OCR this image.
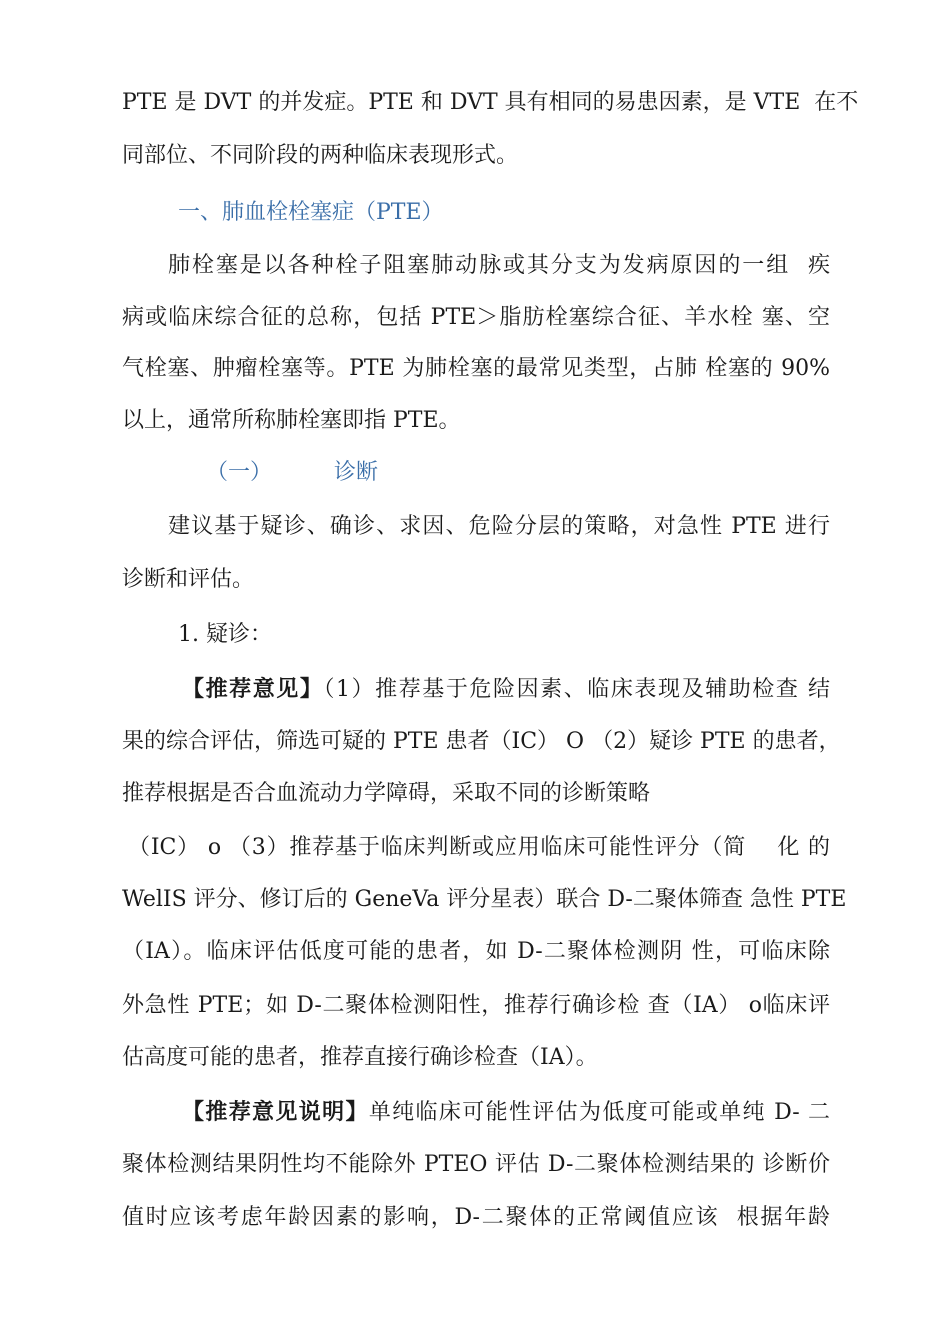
PTE 是 DVT 的并发症。PTE 和 DVT 具有相同的易患因素，是 VTE  在不
同部位、不同阶段的两种临床表现形式。
一、肺血栓栓塞症（PTE）
肺栓塞是以各种栓子阻塞肺动脉或其分支为发病原因的一组  疾
病或临床综合征的总称，包括 PTE＞脂肪栓塞综合征、羊水栓 塞、空
气栓塞、肿瘤栓塞等。PTE 为肺栓塞的最常见类型，占肺 栓塞的 90%
以上，通常所称肺栓塞即指 PTE。
（一）	诊断
建议基于疑诊、确诊、求因、危险分层的策略，对急性 PTE 进行
诊断和评估。
1. 疑诊：
【推荐意见】（1）推荐基于危险因素、临床表现及辅助检查 结
果的综合评估，筛选可疑的 PTE 患者（IC） O （2）疑诊 PTE 的患者，
推荐根据是否合血流动力学障碍，采取不同的诊断策略
（IC） o （3）推荐基于临床判断或应用临床可能性评分（简    化 的
WelIS 评分、修订后的 GeneVa 评分星表）联合 D-二聚体筛查 急性 PTE
（IA）。临床评估低度可能的患者，如 D-二聚体检测阴 性，可临床除
外急性 PTE；如 D-二聚体检测阳性，推荐行确诊检 查（IA） o临床评
估高度可能的患者，推荐直接行确诊检查（IA）。
【推荐意见说明】单纯临床可能性评估为低度可能或单纯 D- 二
聚体检测结果阴性均不能除外 PTEO 评估 D-二聚体检测结果的 诊断价
值时应该考虑年龄因素的影响，D-二聚体的正常阈值应该  根据年龄
